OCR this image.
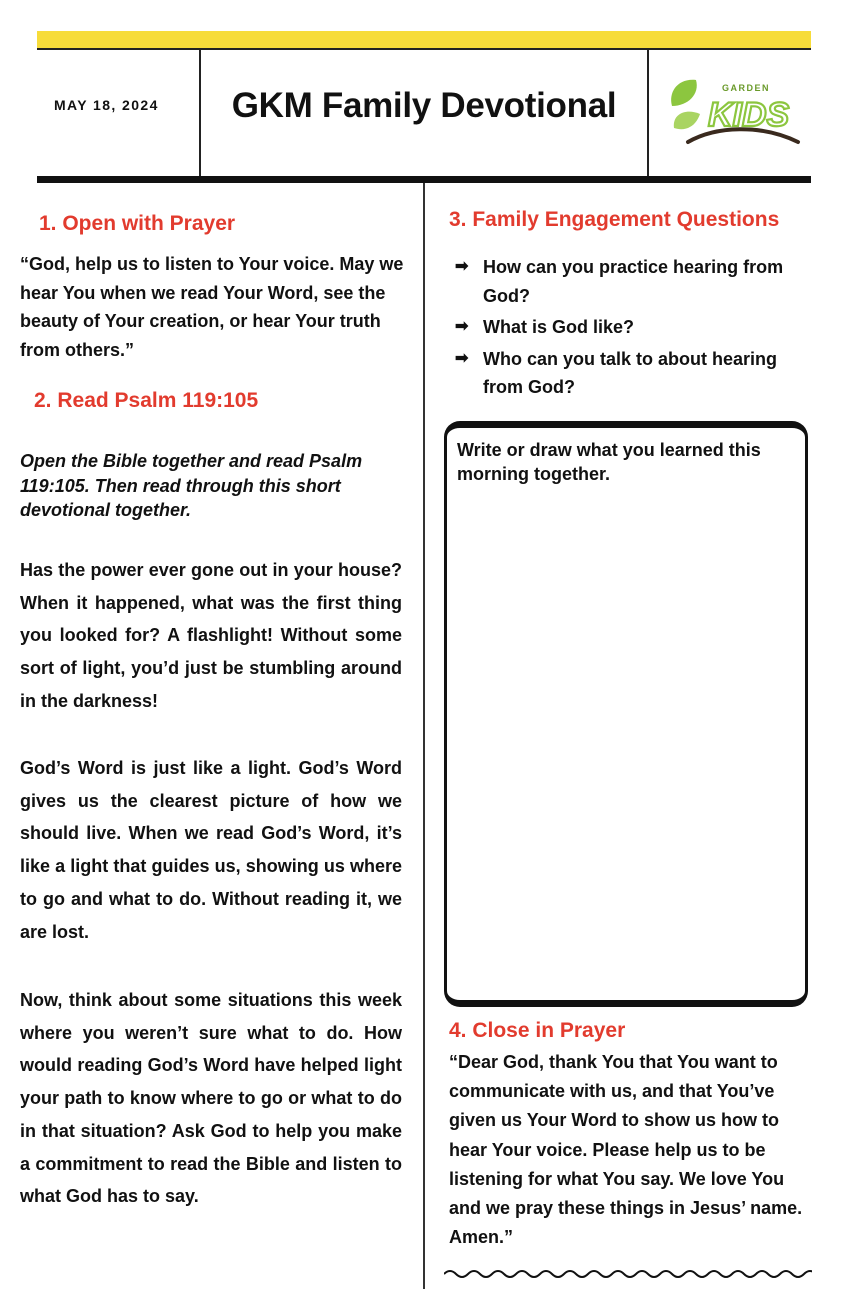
MAY 18, 2024	GKM Family Devotional	GARDEN
KIDS
1. Open with Prayer
“God, help us to listen to Your voice. May we hear You when we read Your Word, see the beauty of Your creation, or hear Your truth from others.”
2. Read Psalm 119:105
Open the Bible together and read Psalm 119:105. Then read through this short devotional together.
Has the power ever gone out in your house? When it happened, what was the first thing you looked for? A flashlight! Without some sort of light, you’d just be stumbling around in the darkness!
God’s Word is just like a light. God’s Word gives us the clearest picture of how we should live. When we read God’s Word, it’s like a light that guides us, showing us where to go and what to do. Without reading it, we are lost.
Now, think about some situations this week where you weren’t sure what to do. How would reading God’s Word have helped light your path to know where to go or what to do in that situation? Ask God to help you make a commitment to read the Bible and listen to what God has to say.
3. Family Engagement Questions
➡ How can you practice hearing from God?
➡ What is God like?
➡ Who can you talk to about hearing from God?
Write or draw what you learned this morning together.
4. Close in Prayer
“Dear God, thank You that You want to communicate with us, and that You’ve given us Your Word to show us how to hear Your voice. Please help us to be listening for what You say. We love You and we pray these things in Jesus’ name. Amen.”
